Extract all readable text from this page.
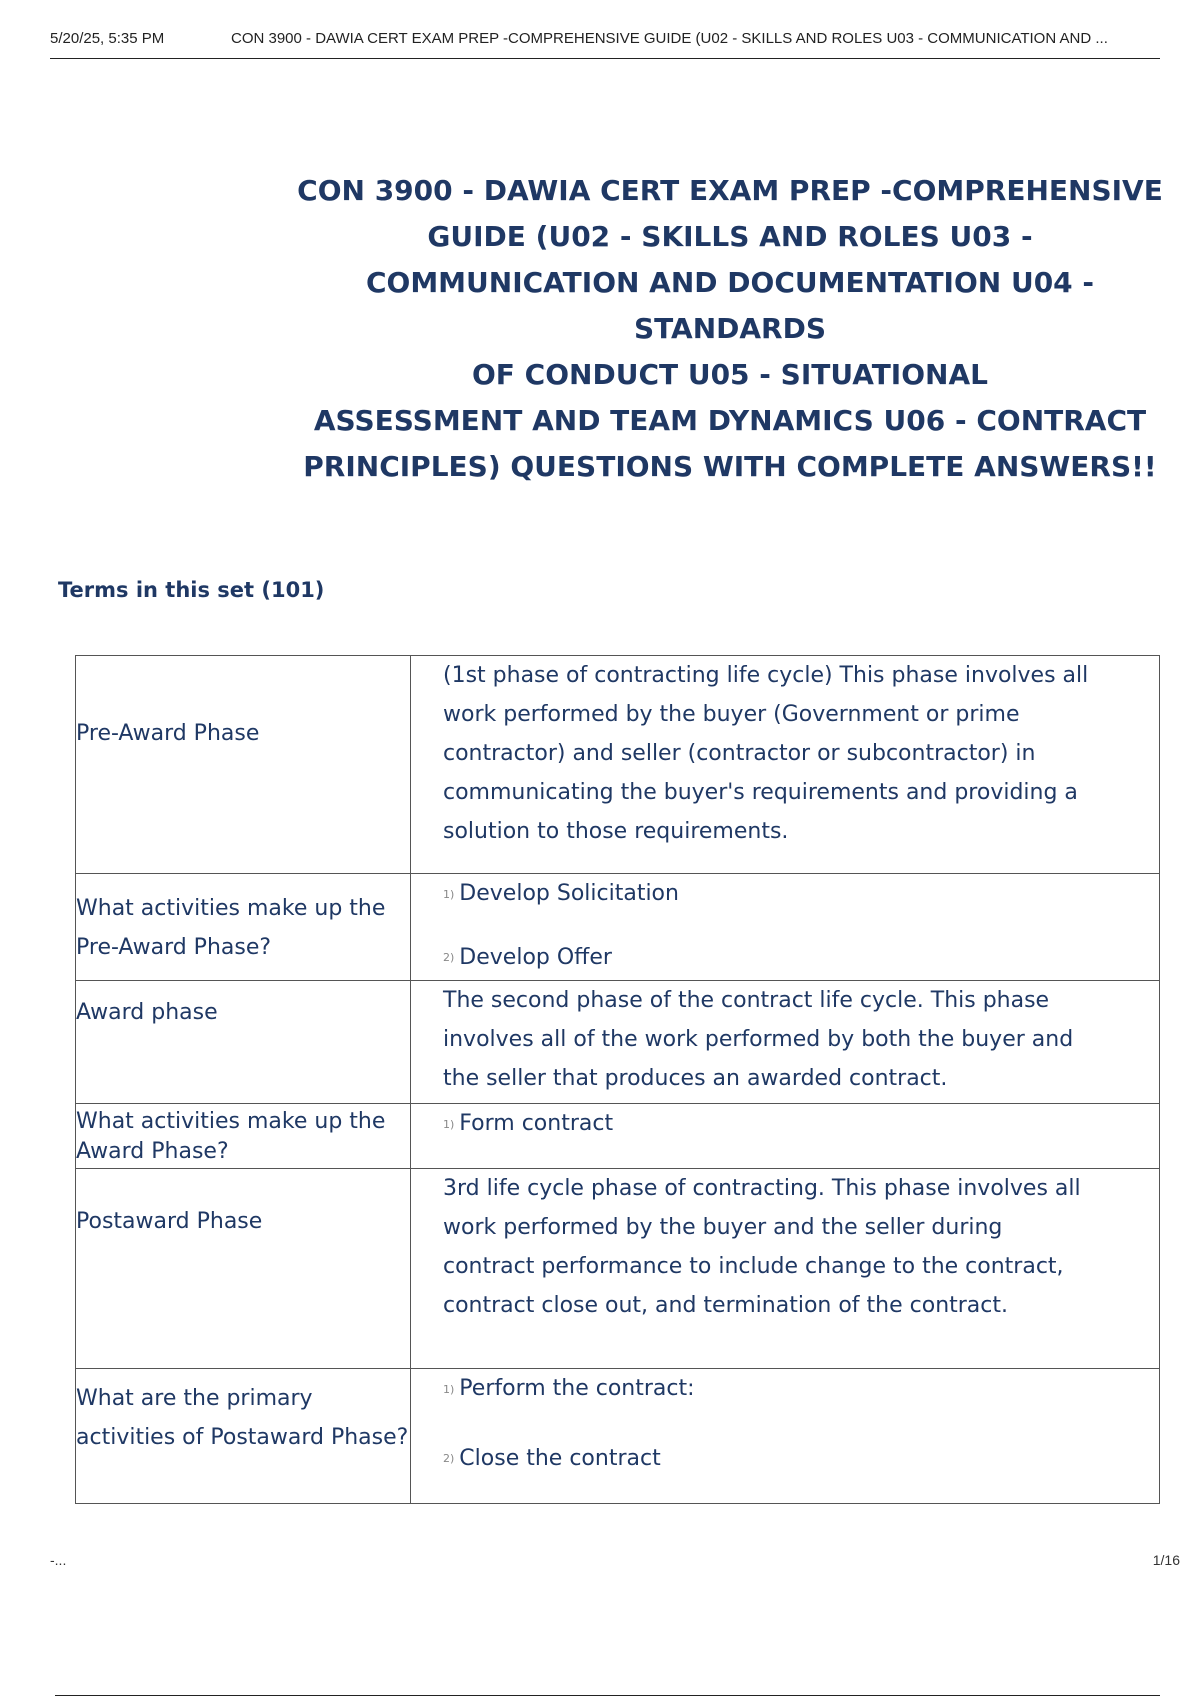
5/20/25, 5:35 PM	CON 3900 - DAWIA CERT EXAM PREP -COMPREHENSIVE GUIDE (U02 - SKILLS AND ROLES U03 - COMMUNICATION AND ...
CON 3900 - DAWIA CERT EXAM PREP -COMPREHENSIVE
GUIDE (U02 - SKILLS AND ROLES U03 -
COMMUNICATION AND DOCUMENTATION U04 - STANDARDS
OF CONDUCT U05 - SITUATIONAL
ASSESSMENT AND TEAM DYNAMICS U06 - CONTRACT
PRINCIPLES) QUESTIONS WITH COMPLETE ANSWERS!!
Terms in this set (101)
Pre-Award Phase	(1st phase of contracting life cycle) This phase involves all work performed by the buyer (Government or prime contractor) and seller (contractor or subcontractor) in communicating the buyer's requirements and providing a solution to those requirements.

What activities make up the Pre-Award Phase?	1) Develop Solicitation
2) Develop Offer

Award phase	The second phase of the contract life cycle. This phase involves all of the work performed by both the buyer and the seller that produces an awarded contract.

What activities make up the Award Phase?	1) Form contract

Postaward Phase	3rd life cycle phase of contracting. This phase involves all work performed by the buyer and the seller during contract performance to include change to the contract, contract close out, and termination of the contract.

What are the primary activities of Postaward Phase?	1) Perform the contract:
2) Close the contract
-...	1/16
